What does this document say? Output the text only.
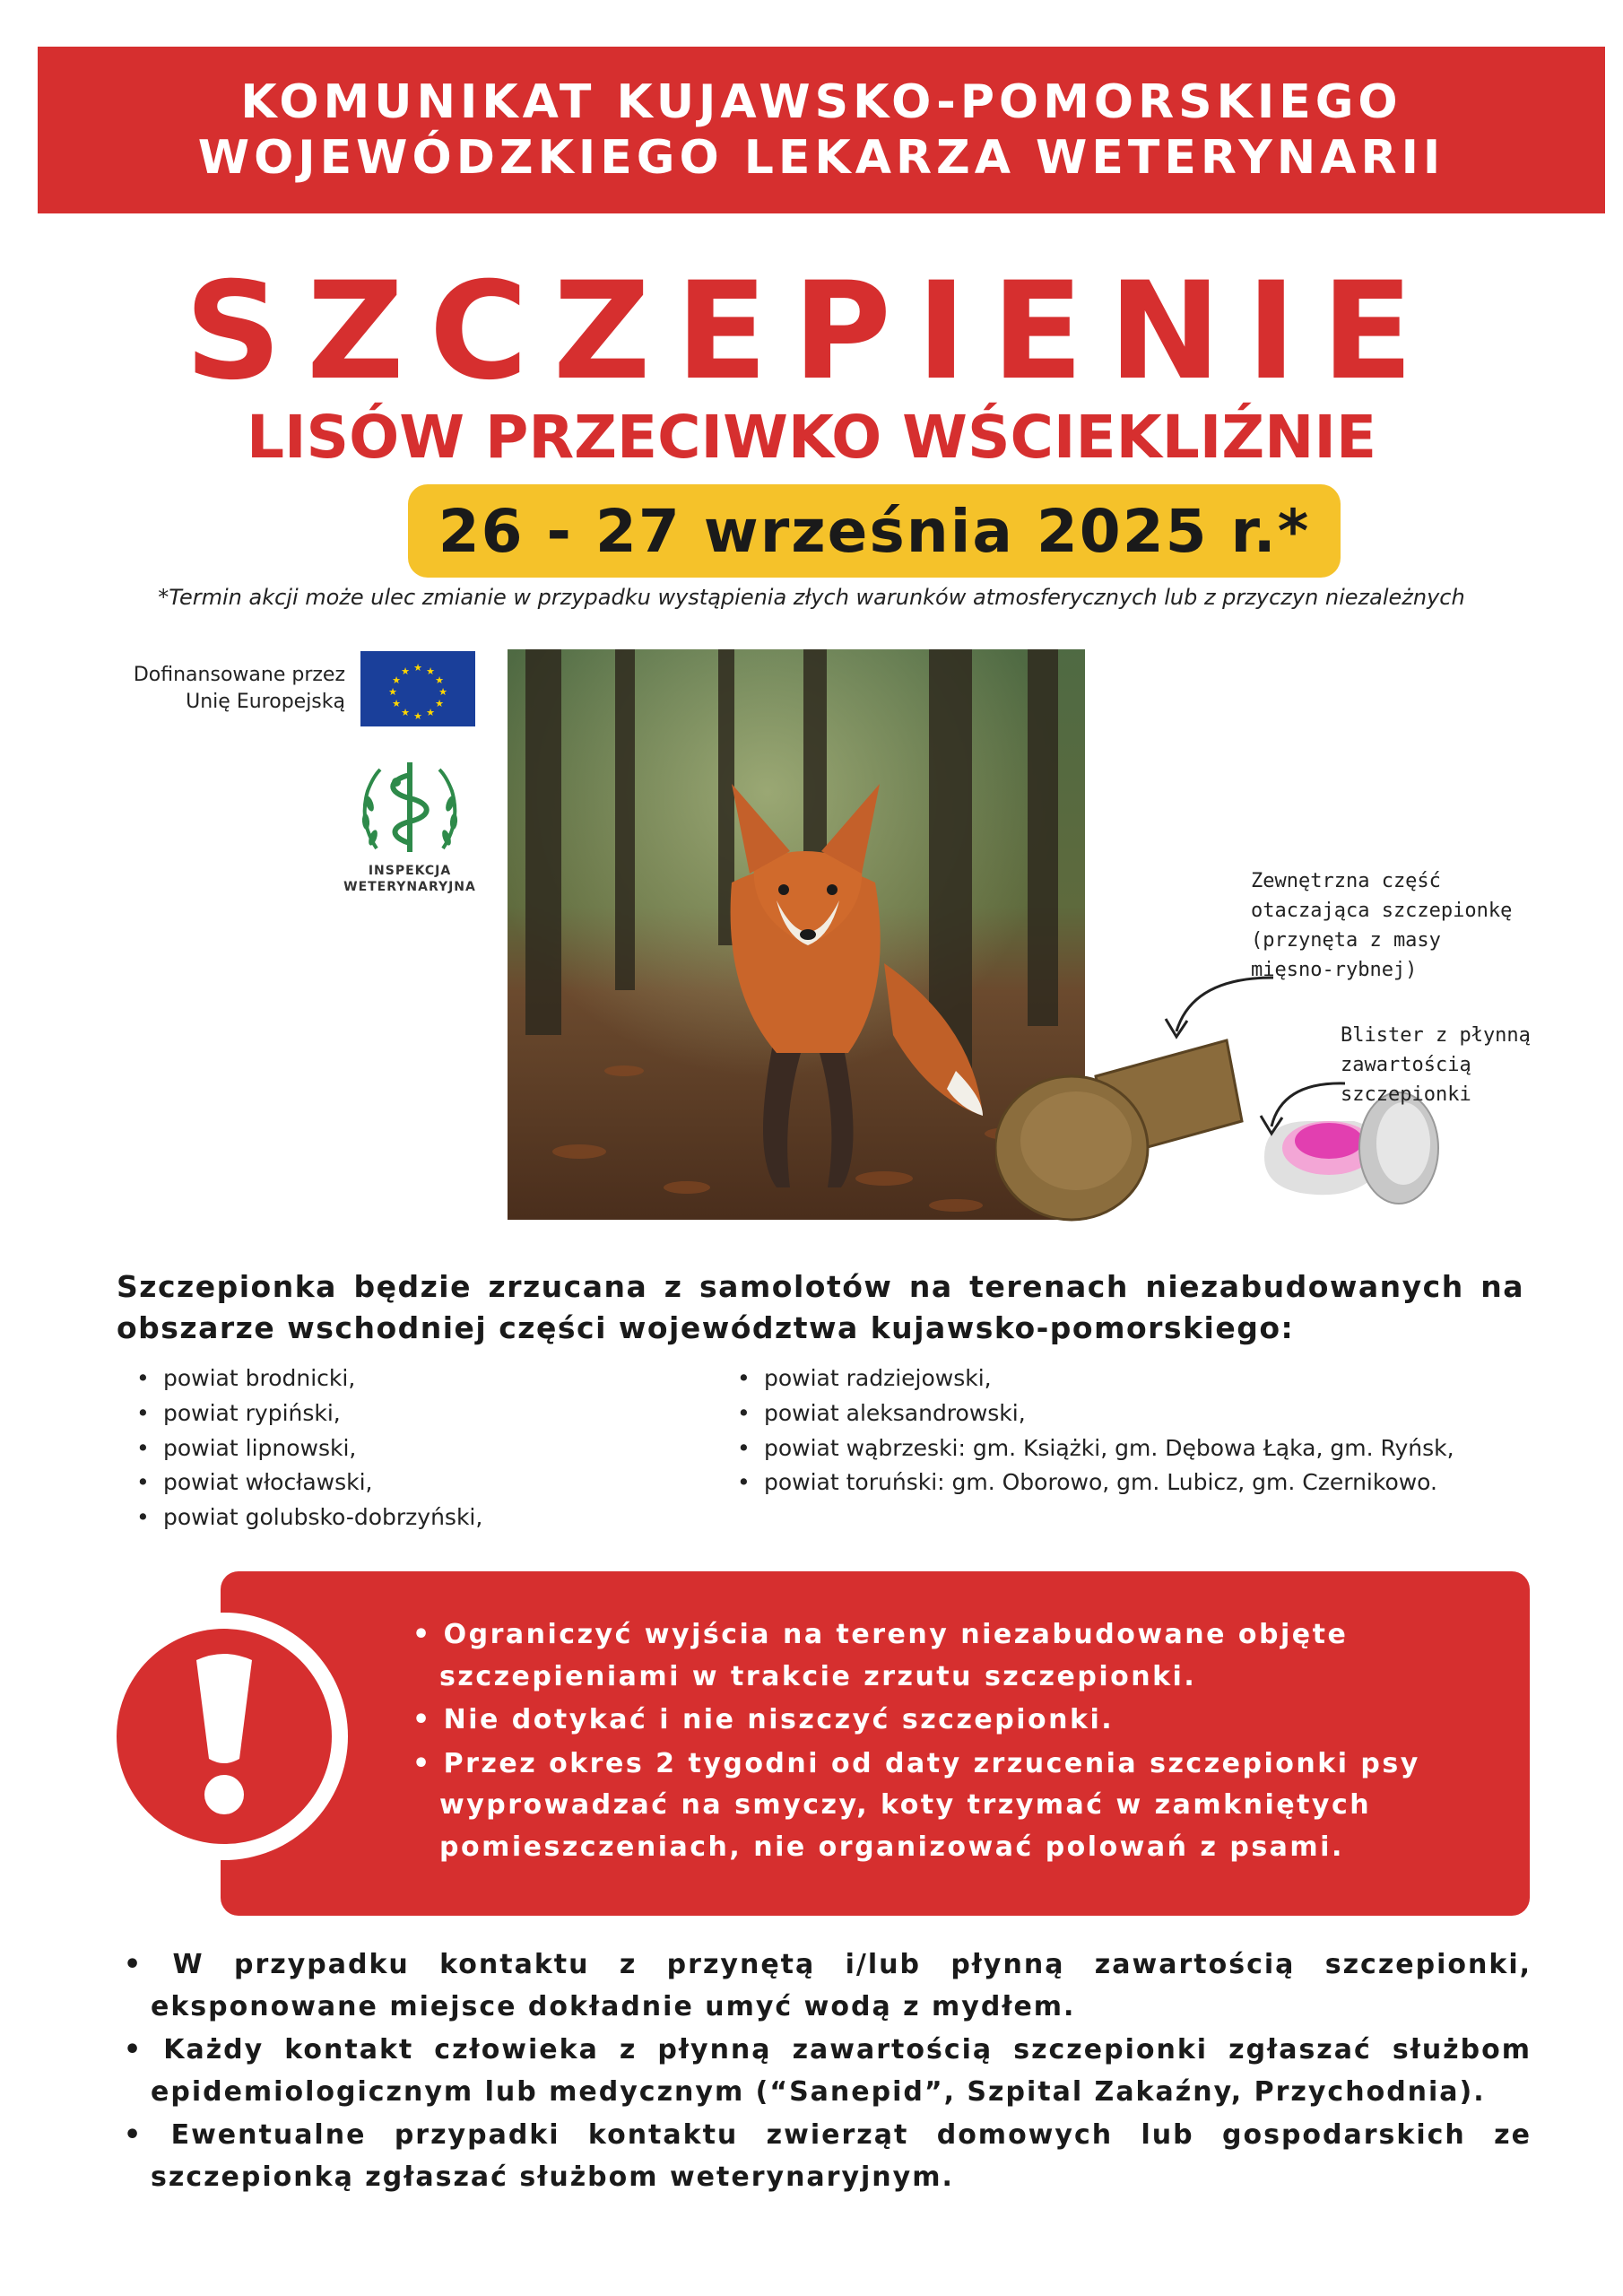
KOMUNIKAT KUJAWSKO-POMORSKIEGO
WOJEWÓDZKIEGO LEKARZA WETERYNARII
SZCZEPIENIE
LISÓW PRZECIWKO WŚCIEKLIŹNIE
26 - 27 września 2025 r.*
*Termin akcji może ulec zmianie w przypadku wystąpienia złych warunków atmosferycznych lub z przyczyn niezależnych
Dofinansowane przez
Unię Europejską
★ ★
★
★
★
★
★
★
★
★
★
★
INSPEKCJA
WETERYNARYJNA	Zewnętrzna część
otaczająca szczepionkę
(przynęta z masy
mięsno-rybnej)
Blister z płynną
zawartością
szczepionki
Szczepionka będzie zrzucana z samolotów na terenach niezabudowanych na obszarze wschodniej części województwa kujawsko-pomorskiego:
• powiat brodnicki,
• powiat rypiński,
• powiat lipnowski,
• powiat włocławski,
• powiat golubsko-dobrzyński,
• powiat radziejowski,
• powiat aleksandrowski,
• powiat wąbrzeski: gm. Książki, gm. Dębowa Łąka, gm. Ryńsk,
• powiat toruński: gm. Oborowo, gm. Lubicz, gm. Czernikowo.
• Ograniczyć wyjścia na tereny niezabudowane objęte szczepieniami w trakcie zrzutu szczepionki.
• Nie dotykać i nie niszczyć szczepionki.
• Przez okres 2 tygodni od daty zrzucenia szczepionki psy wyprowadzać na smyczy, koty trzymać w zamkniętych pomieszczeniach, nie organizować polowań z psami.
• W przypadku kontaktu z przynętą i/lub płynną zawartością szczepionki, eksponowane miejsce dokładnie umyć wodą z mydłem.
• Każdy kontakt człowieka z płynną zawartością szczepionki zgłaszać służbom epidemiologicznym lub medycznym (“Sanepid”, Szpital Zakaźny, Przychodnia).
• Ewentualne przypadki kontaktu zwierząt domowych lub gospodarskich ze szczepionką zgłaszać służbom weterynaryjnym.
